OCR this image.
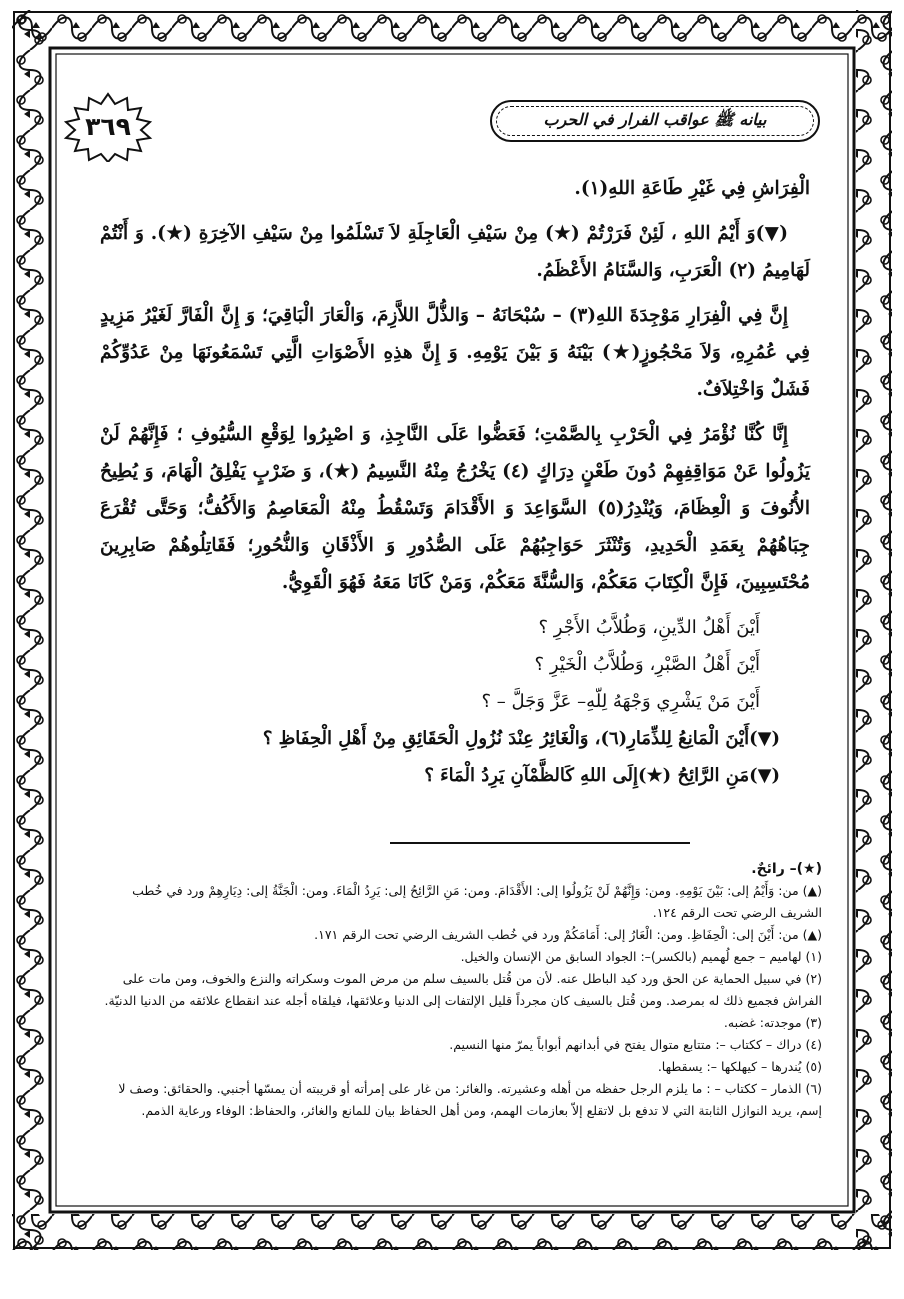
٣٦٩	بيانه ﷺ عواقب الفرار في الحرب

الْفِرَاشِ فِي غَيْرِ طَاعَةِ اللهِ(١).

(▼)وَ أَيْمُ اللهِ ، لَئِنْ فَرَرْتُمْ (★) مِنْ سَيْفِ الْعَاجِلَةِ لاَ تَسْلَمُوا مِنْ سَيْفِ الآخِرَةِ (★). وَ أَنْتُمْ لَهَامِيمُ (٢) الْعَرَبِ، وَالسَّنَامُ الأَعْظَمُ.

إِنَّ فِي الْفِرَارِ مَوْجِدَةَ اللهِ(٣) – سُبْحَانَهُ – وَالذُّلَّ اللاَّزِمَ، وَالْعَارَ الْبَاقِيَ؛ وَ إِنَّ الْفَارَّ لَغَيْرُ مَزِيدٍ فِي عُمُرِهِ، وَلاَ مَحْجُوزٍ(★) بَيْنَهُ وَ بَيْنَ يَوْمِهِ. وَ إِنَّ هذِهِ الأَصْوَاتِ الَّتِي تَسْمَعُونَهَا مِنْ عَدُوِّكُمْ فَشَلٌ وَاخْتِلاَفٌ.

إِنَّا كُنَّا نُؤْمَرُ فِي الْحَرْبِ بِالصَّمْتِ؛ فَعَضُّوا عَلَى النَّاجِذِ، وَ اصْبِرُوا لِوَقْعِ السُّيُوفِ ؛ فَإِنَّهُمْ لَنْ يَزُولُوا عَنْ مَوَاقِفِهِمْ دُونَ طَعْنٍ دِرَاكٍ (٤) يَخْرُجُ مِنْهُ النَّسِيمُ (★)، وَ ضَرْبٍ يَفْلِقُ الْهَامَ، وَ يُطِيحُ الأُنُوفَ وَ الْعِظَامَ، وَيُنْدِرُ(٥) السَّوَاعِدَ وَ الأَقْدَامَ وَتَسْقُطُ مِنْهُ الْمَعَاصِمُ وَالأَكُفُّ؛ وَحَتَّى تُقْرَعَ جِبَاهُهُمْ بِعَمَدِ الْحَدِيدِ، وَتُنْثَرَ حَوَاجِبُهُمْ عَلَى الصُّدُورِ وَ الأَذْقَانِ وَالنُّحُورِ؛ فَقَاتِلُوهُمْ صَابِرِينَ مُحْتَسِبِينَ، فَإِنَّ الْكِتَابَ مَعَكُمْ، وَالسُّنَّةَ مَعَكُمْ، وَمَنْ كَانَا مَعَهُ فَهُوَ الْقَوِيُّ.

أَيْنَ أَهْلُ الدِّينِ، وَطُلاَّبُ الأَجْرِ ؟

أَيْنَ أَهْلُ الصَّبْرِ، وَطُلاَّبُ الْخَيْرِ ؟

أَيْنَ مَنْ يَشْرِي وَجْهَهُ لِلّهِ– عَزَّ وَجَلَّ – ؟

(▼)أَيْنَ الْمَانِعُ لِلذِّمَارِ(٦)، وَالْغَائِرُ عِنْدَ نُزُولِ الْحَقَائِقِ مِنْ أَهْلِ الْحِفَاظِ ؟

(▼)مَنِ الرَّائِحُ (★)إِلَى اللهِ كَالظَّمْآنِ يَرِدُ الْمَاءَ ؟

(★)– رائحٌ.

(▲) من: وَأَيْمُ إلى: بَيْنَ يَوْمِهِ. ومن: وَإِنَّهُمْ لَنْ يَزُولُوا إلى: الأَقْدَامَ. ومن: مَنِ الرَّائِحُ إلى: يَرِدُ الْمَاءَ. ومن: الْجَنَّةُ إلى: دِيَارِهِمْ ورد في خُطب الشريف الرضي تحت الرقم ١٢٤.

(▲) من: أَيْنَ إلى: الْحِفَاظِ. ومن: الْعَارُ إلى: أَمَامَكُمْ ورد في خُطب الشريف الرضي تحت الرقم ١٧١.

(١) لهاميم – جمع لُهميم (بالكسر)–: الجواد السابق من الإنسان والخيل.

(٢) في سبيل الحماية عن الحق ورد كيد الباطل عنه. لأن من قُتل بالسيف سلم من مرض الموت وسكراته والنزع والخوف، ومن مات على الفراش فجميع ذلك له بمرصد. ومن قُتل بالسيف كان مجرداً قليل الإلتفات إلى الدنيا وعلائقها، فيلقاه أجله عند انقطاع علائقه من الدنيا الدنيّة.

(٣) موجدته: غضبه.

(٤) دراك – ككتاب –: متتابع متوال يفتح في أبدانهم أبواباً يمرّ منها النسيم.

(٥) يُندرها – كيهلكها –: يسقطها.

(٦) الذمار – ككتاب – : ما يلزم الرجل حفظه من أهله وعشيرته. والغائر: من غار على إمرأته أو قريبته أن يمسّها أجنبي. والحقائق: وصف لا إسم، يريد النوازل الثابتة التي لا تدفع بل لاتقلع إلاّ بعازمات الهمم، ومن أهل الحفاظ بيان للمانع والغائر، والحفاظ: الوفاء ورعاية الذمم.
